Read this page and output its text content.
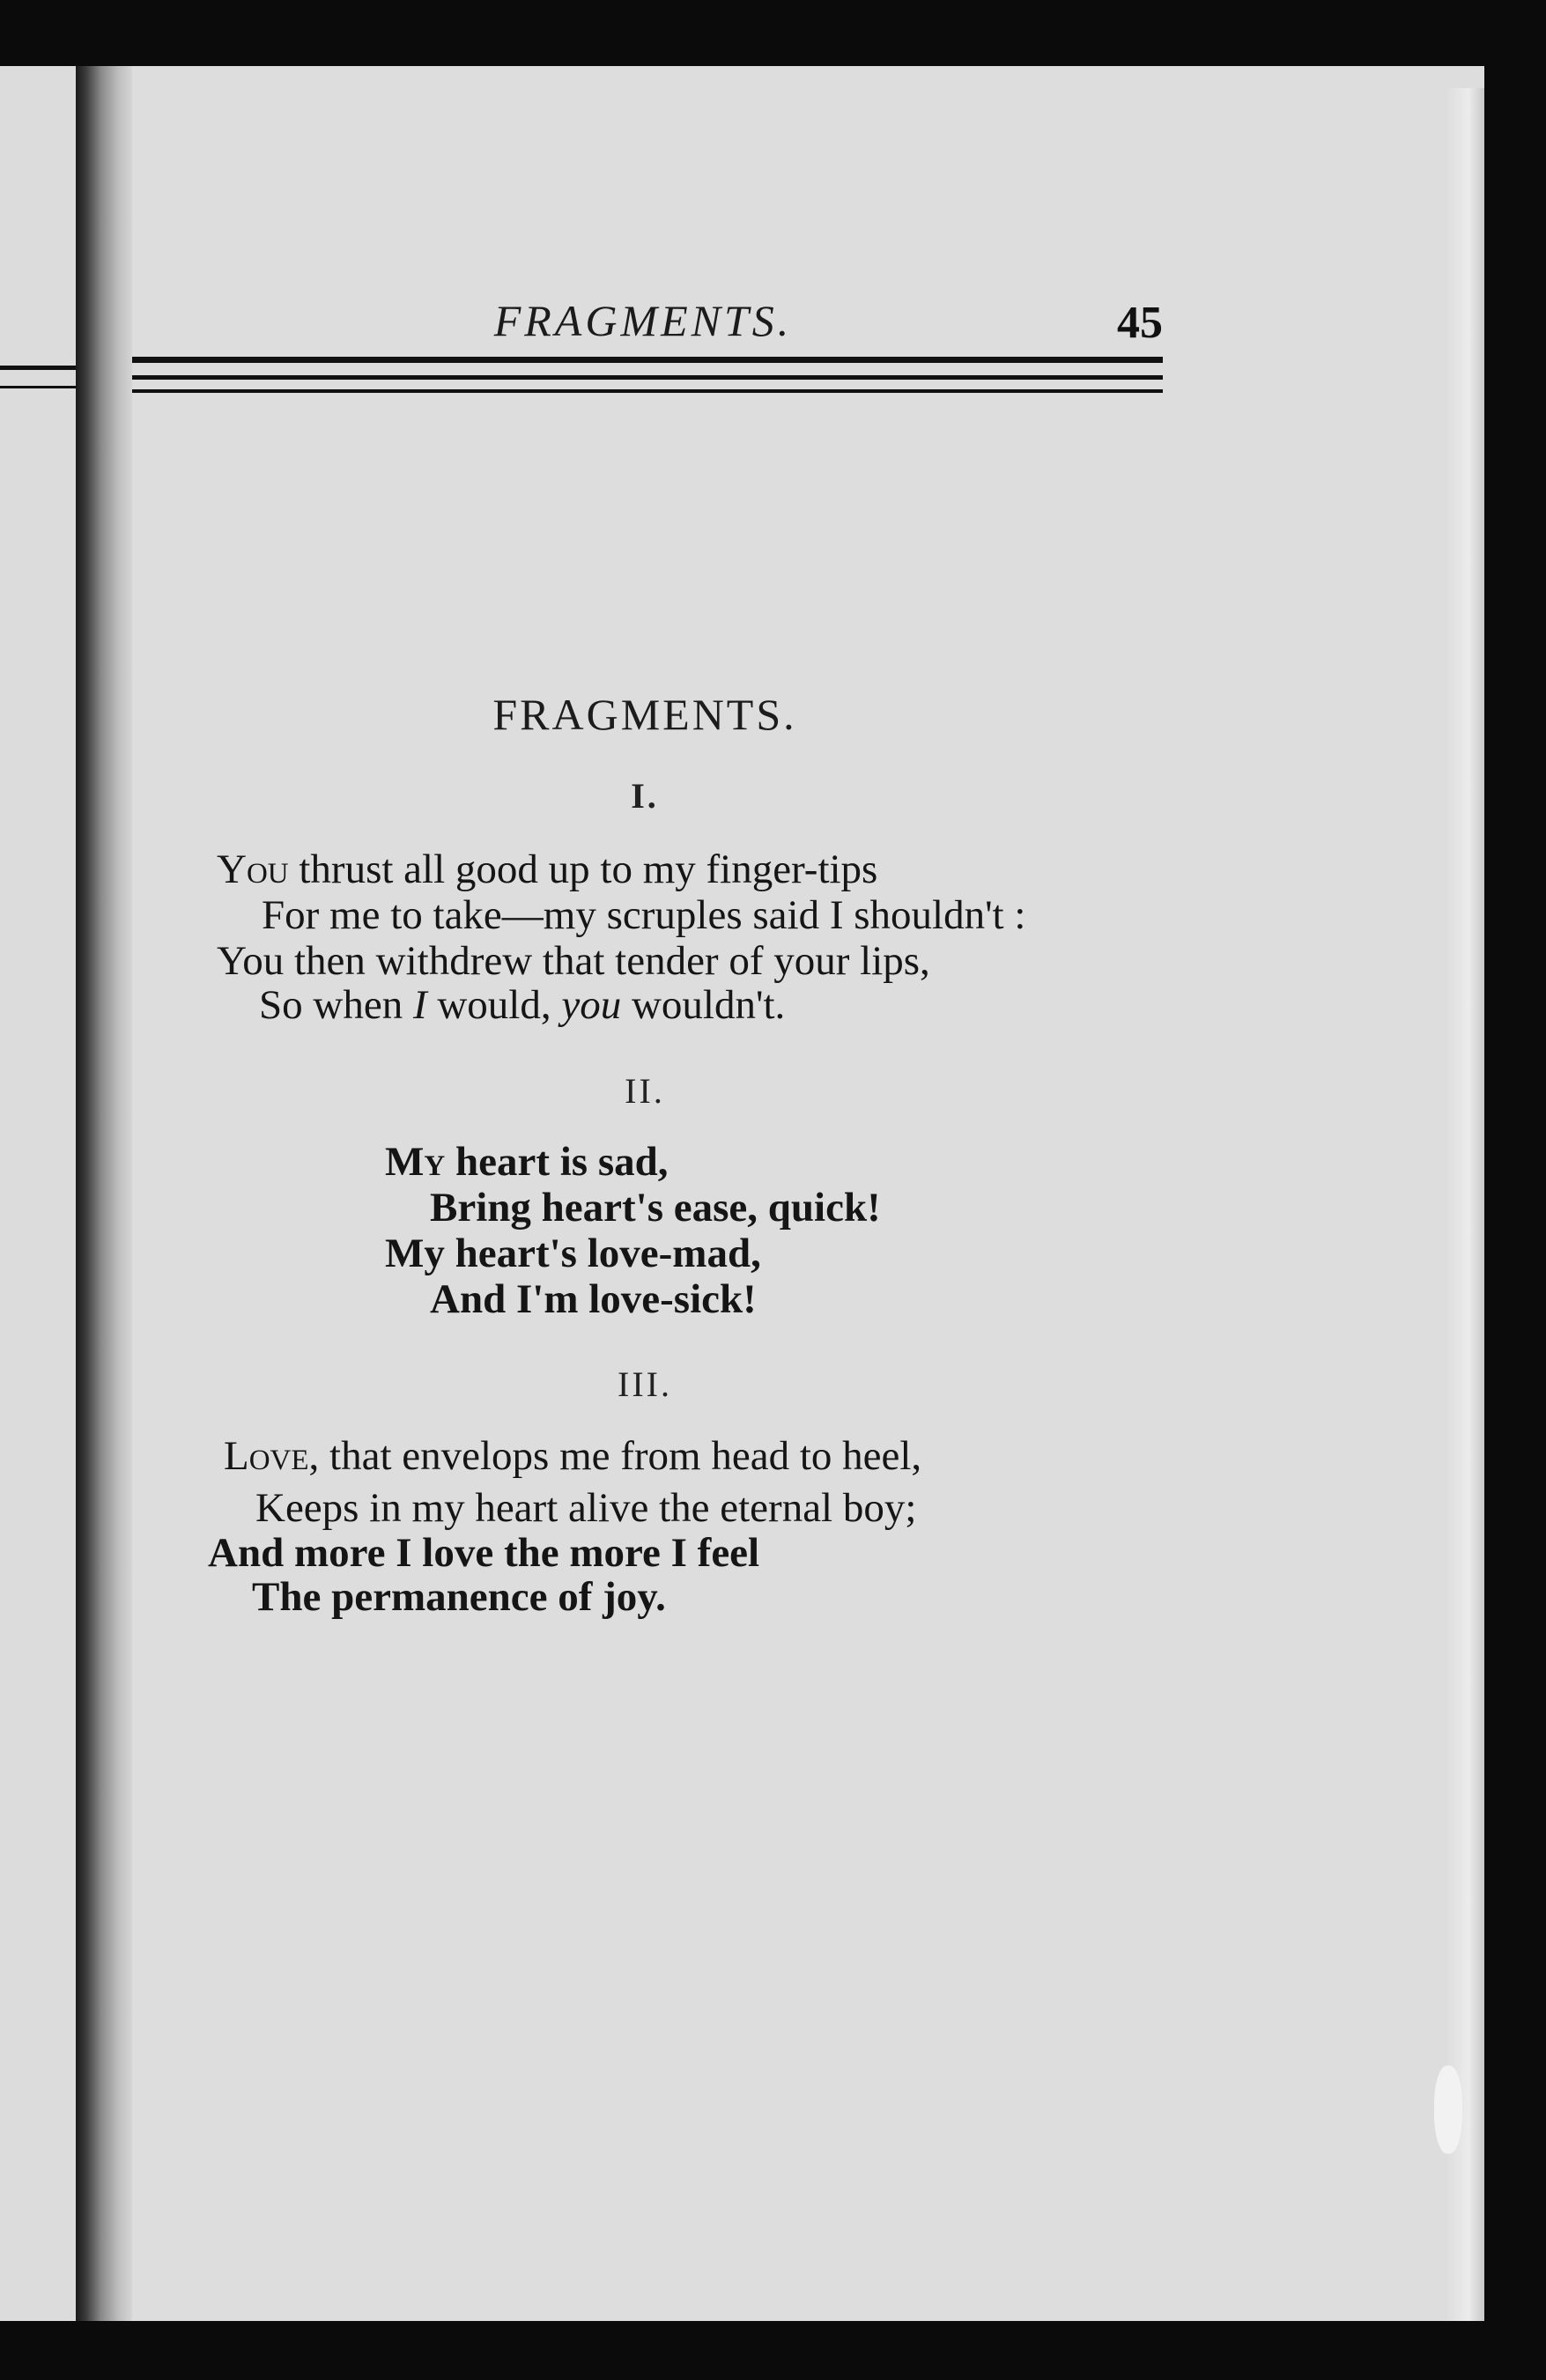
FRAGMENTS.	45
FRAGMENTS.
I.
You thrust all good up to my finger-tips
For me to take—my scruples said I shouldn't :
You then withdrew that tender of your lips,
So when I would, you wouldn't.
II.
My heart is sad,
Bring heart's ease, quick!
My heart's love-mad,
And I'm love-sick!
III.
Love, that envelops me from head to heel,
Keeps in my heart alive the eternal boy;
And more I love the more I feel
The permanence of joy.
